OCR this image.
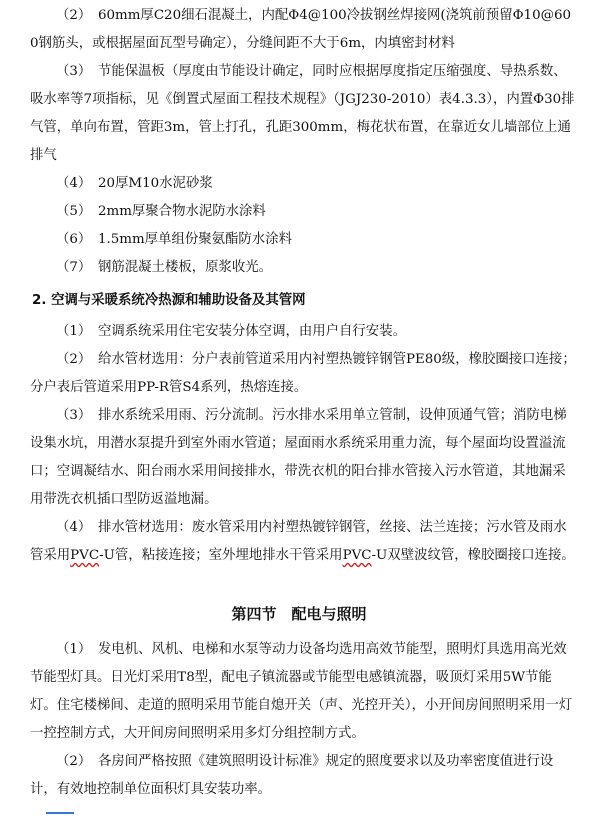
（2）　60mm厚C20细石混凝土，内配Φ4@100冷拔钢丝焊接网(浇筑前预留Φ10@600钢筋头，或根据屋面瓦型号确定），分缝间距不大于6m，内填密封材料

（3）　节能保温板（厚度由节能设计确定，同时应根据厚度指定压缩强度、导热系数、吸水率等7项指标，见《倒置式屋面工程技术规程》（JGJ230-2010）表4.3.3），内置Φ30排气管，单向布置，管距3m，管上打孔，孔距300mm，梅花状布置，在靠近女儿墙部位上通排气

（4）　20厚M10水泥砂浆

（5）　2mm厚聚合物水泥防水涂料

（6）　1.5mm厚单组份聚氨酯防水涂料

（7）　钢筋混凝土楼板，原浆收光。

2. 空调与采暖系统冷热源和辅助设备及其管网

（1）　空调系统采用住宅安装分体空调，由用户自行安装。

（2）　给水管材选用：分户表前管道采用内衬塑热镀锌钢管PE80级，橡胶圈接口连接；分户表后管道采用PP-R管S4系列，热熔连接。

（3）　排水系统采用雨、污分流制。污水排水采用单立管制，设伸顶通气管；消防电梯设集水坑，用潜水泵提升到室外雨水管道；屋面雨水系统采用重力流，每个屋面均设置溢流口；空调凝结水、阳台雨水采用间接排水，带洗衣机的阳台排水管接入污水管道，其地漏采用带洗衣机插口型防返溢地漏。

（4）　排水管材选用：废水管采用内衬塑热镀锌钢管，丝接、法兰连接；污水管及雨水管采用PVC-U管，粘接连接；室外埋地排水干管采用PVC-U双壁波纹管，橡胶圈接口连接。

第四节　配电与照明

（1）　发电机、风机、电梯和水泵等动力设备均选用高效节能型，照明灯具选用高光效节能型灯具。日光灯采用T8型，配电子镇流器或节能型电感镇流器，吸顶灯采用5W节能灯。住宅楼梯间、走道的照明采用节能自熄开关（声、光控开关），小开间房间照明采用一灯一控控制方式，大开间房间照明采用多灯分组控制方式。

（2）　各房间严格按照《建筑照明设计标准》规定的照度要求以及功率密度值进行设计，有效地控制单位面积灯具安装功率。
